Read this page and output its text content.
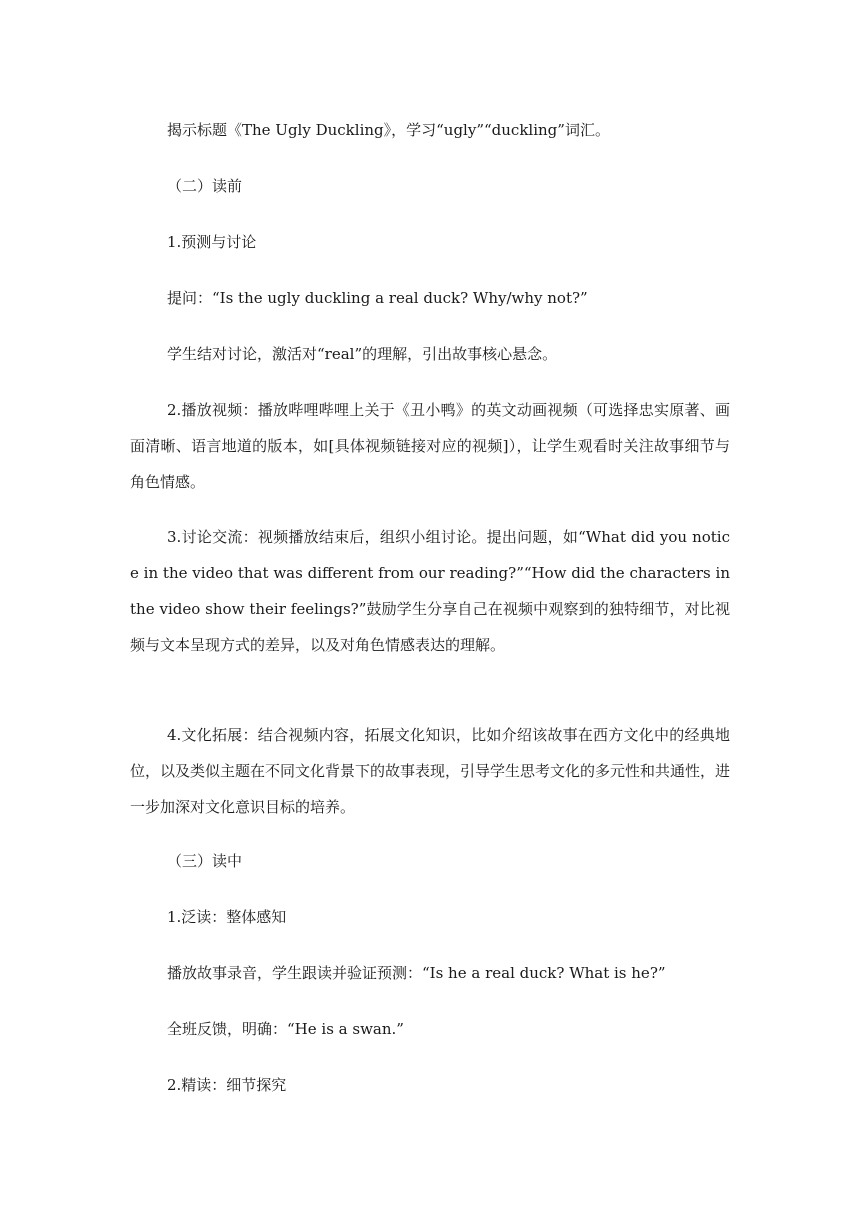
揭示标题《The Ugly Duckling》，学习“ugly”“duckling”词汇。

（二）读前

1.预测与讨论

提问：“Is the ugly duckling a real duck? Why/why not?”

学生结对讨论，激活对“real”的理解，引出故事核心悬念。

2.播放视频：播放哔哩哔哩上关于《丑小鸭》的英文动画视频（可选择忠实原著、画面清晰、语言地道的版本，如[具体视频链接对应的视频]），让学生观看时关注故事细节与角色情感。

3.讨论交流：视频播放结束后，组织小组讨论。提出问题，如“What did you notice in the video that was different from our reading?”“How did the characters in the video show their feelings?”鼓励学生分享自己在视频中观察到的独特细节，对比视频与文本呈现方式的差异，以及对角色情感表达的理解。

4.文化拓展：结合视频内容，拓展文化知识，比如介绍该故事在西方文化中的经典地位，以及类似主题在不同文化背景下的故事表现，引导学生思考文化的多元性和共通性，进一步加深对文化意识目标的培养。

（三）读中

1.泛读：整体感知

播放故事录音，学生跟读并验证预测：“Is he a real duck? What is he?”

全班反馈，明确：“He is a swan.”

2.精读：细节探究
